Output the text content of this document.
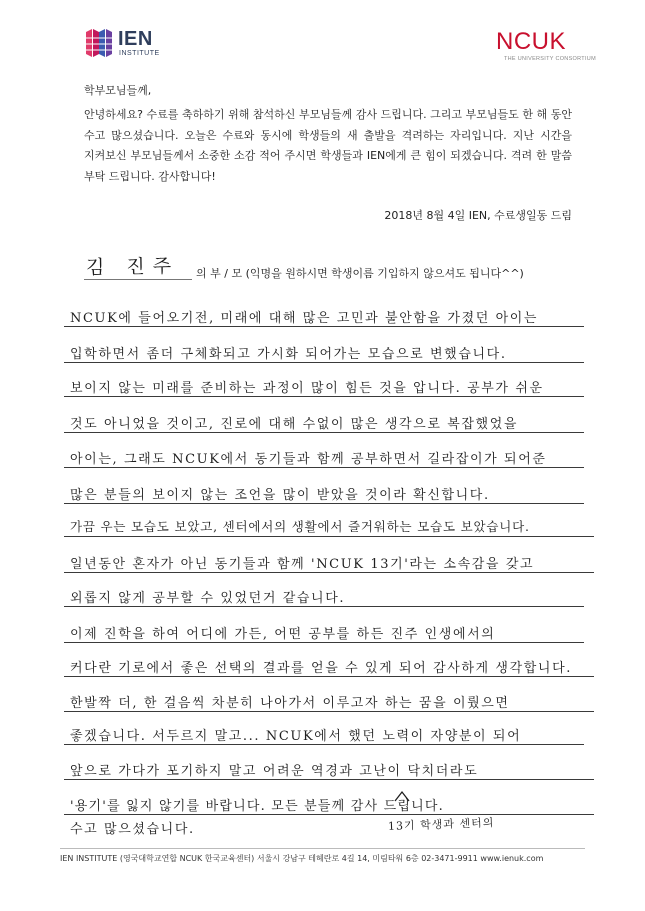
IEN
INSTITUTE	NCUK
THE UNIVERSITY CONSORTIUM
학부모님들께,
안녕하세요? 수료를 축하하기 위해 참석하신 부모님들께 감사 드립니다. 그리고 부모님들도 한 해 동안 수고 많으셨습니다. 오늘은 수료와 동시에 학생들의 새 출발을 격려하는 자리입니다. 지난 시간을 지켜보신 부모님들께서 소중한 소감 적어 주시면 학생들과 IEN에게 큰 힘이 되겠습니다. 격려 한 말씀 부탁 드립니다. 감사합니다!
2018년 8월 4일 IEN, 수료생일동 드림
김 진주 의 부 / 모 (익명을 원하시면 학생이름 기입하지 않으셔도 됩니다^^)
NCUK에 들어오기전, 미래에 대해 많은 고민과 불안함을 가졌던 아이는
입학하면서 좀더 구체화되고 가시화 되어가는 모습으로 변했습니다.
보이지 않는 미래를 준비하는 과정이 많이 힘든 것을 압니다. 공부가 쉬운
것도 아니었을 것이고, 진로에 대해 수없이 많은 생각으로 복잡했었을
아이는, 그래도 NCUK에서 동기들과 함께 공부하면서 길라잡이가 되어준
많은 분들의 보이지 않는 조언을 많이 받았을 것이라 확신합니다.
가끔 우는 모습도 보았고, 센터에서의 생활에서 즐거워하는 모습도 보았습니다.
일년동안 혼자가 아닌 동기들과 함께 'NCUK 13기'라는 소속감을 갖고
외롭지 않게 공부할 수 있었던거 같습니다.
이제 진학을 하여 어디에 가든, 어떤 공부를 하든 진주 인생에서의
커다란 기로에서 좋은 선택의 결과를 얻을 수 있게 되어 감사하게 생각합니다.
한발짝 더, 한 걸음씩 차분히 나아가서 이루고자 하는 꿈을 이뤘으면
좋겠습니다. 서두르지 말고... NCUK에서 했던 노력이 자양분이 되어
앞으로 가다가 포기하지 말고 어려운 역경과 고난이 닥치더라도
'용기'를 잃지 않기를 바랍니다. 모든 분들께 감사 드립니다.
수고 많으셨습니다.	13기 학생과 센터의
IEN INSTITUTE (영국대학교연합 NCUK 한국교육센터) 서울시 강남구 테헤란로 4길 14, 미림타워 6층 02-3471-9911 www.ienuk.com
